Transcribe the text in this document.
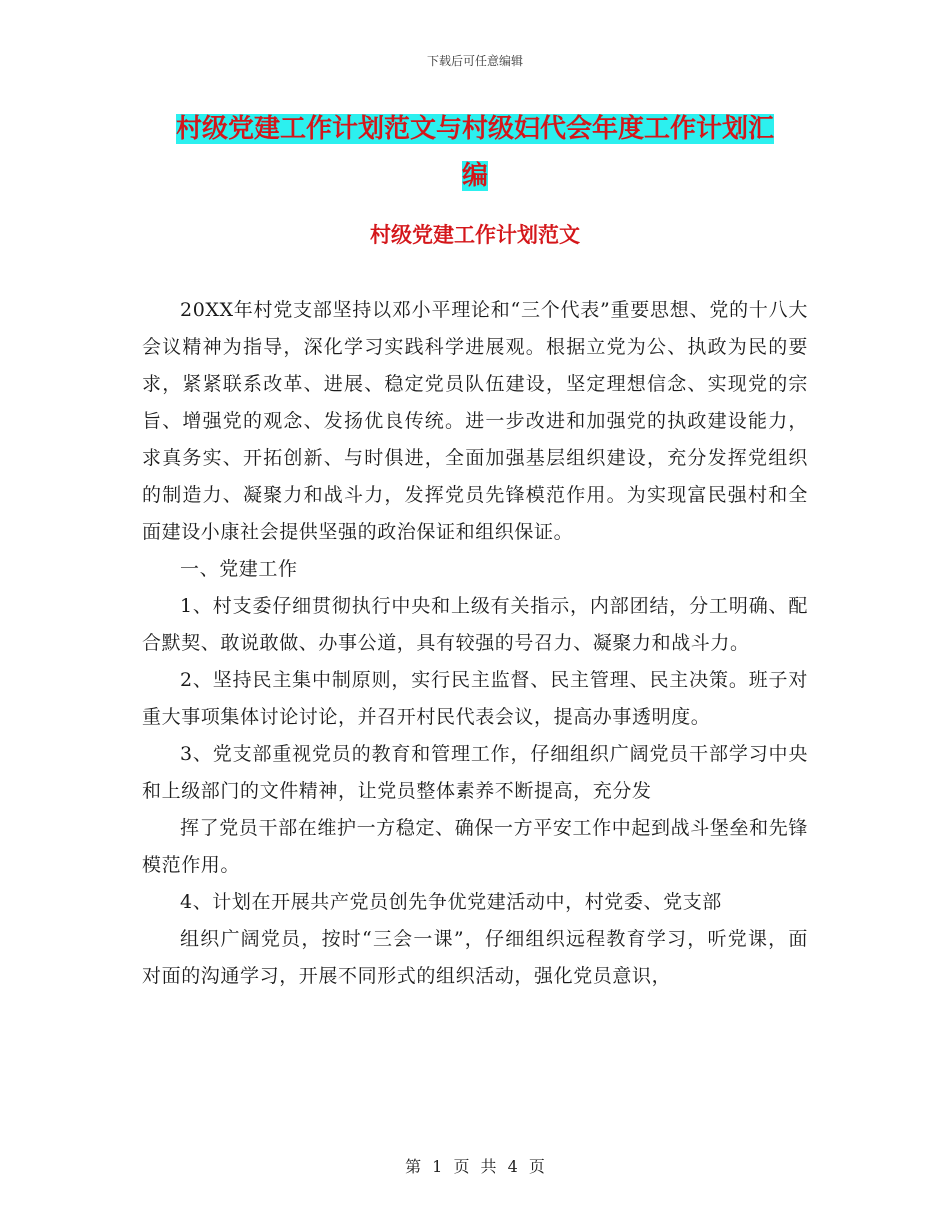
下载后可任意编辑
村级党建工作计划范文与村级妇代会年度工作计划汇
编
村级党建工作计划范文

20XX年村党支部坚持以邓小平理论和“三个代表”重要思想、党的十八大会议精神为指导，深化学习实践科学进展观。根据立党为公、执政为民的要求，紧紧联系改革、进展、稳定党员队伍建设，坚定理想信念、实现党的宗旨、增强党的观念、发扬优良传统。进一步改进和加强党的执政建设能力，求真务实、开拓创新、与时俱进，全面加强基层组织建设，充分发挥党组织的制造力、凝聚力和战斗力，发挥党员先锋模范作用。为实现富民强村和全面建设小康社会提供坚强的政治保证和组织保证。

一、党建工作

1、村支委仔细贯彻执行中央和上级有关指示，内部团结，分工明确、配合默契、敢说敢做、办事公道，具有较强的号召力、凝聚力和战斗力。

2、坚持民主集中制原则，实行民主监督、民主管理、民主决策。班子对重大事项集体讨论讨论，并召开村民代表会议，提高办事透明度。

3、党支部重视党员的教育和管理工作，仔细组织广阔党员干部学习中央和上级部门的文件精神，让党员整体素养不断提高，充分发

挥了党员干部在维护一方稳定、确保一方平安工作中起到战斗堡垒和先锋模范作用。

4、计划在开展共产党员创先争优党建活动中，村党委、党支部

组织广阔党员，按时“三会一课”，仔细组织远程教育学习，听党课，面对面的沟通学习，开展不同形式的组织活动，强化党员意识，

第 1 页 共 4 页
